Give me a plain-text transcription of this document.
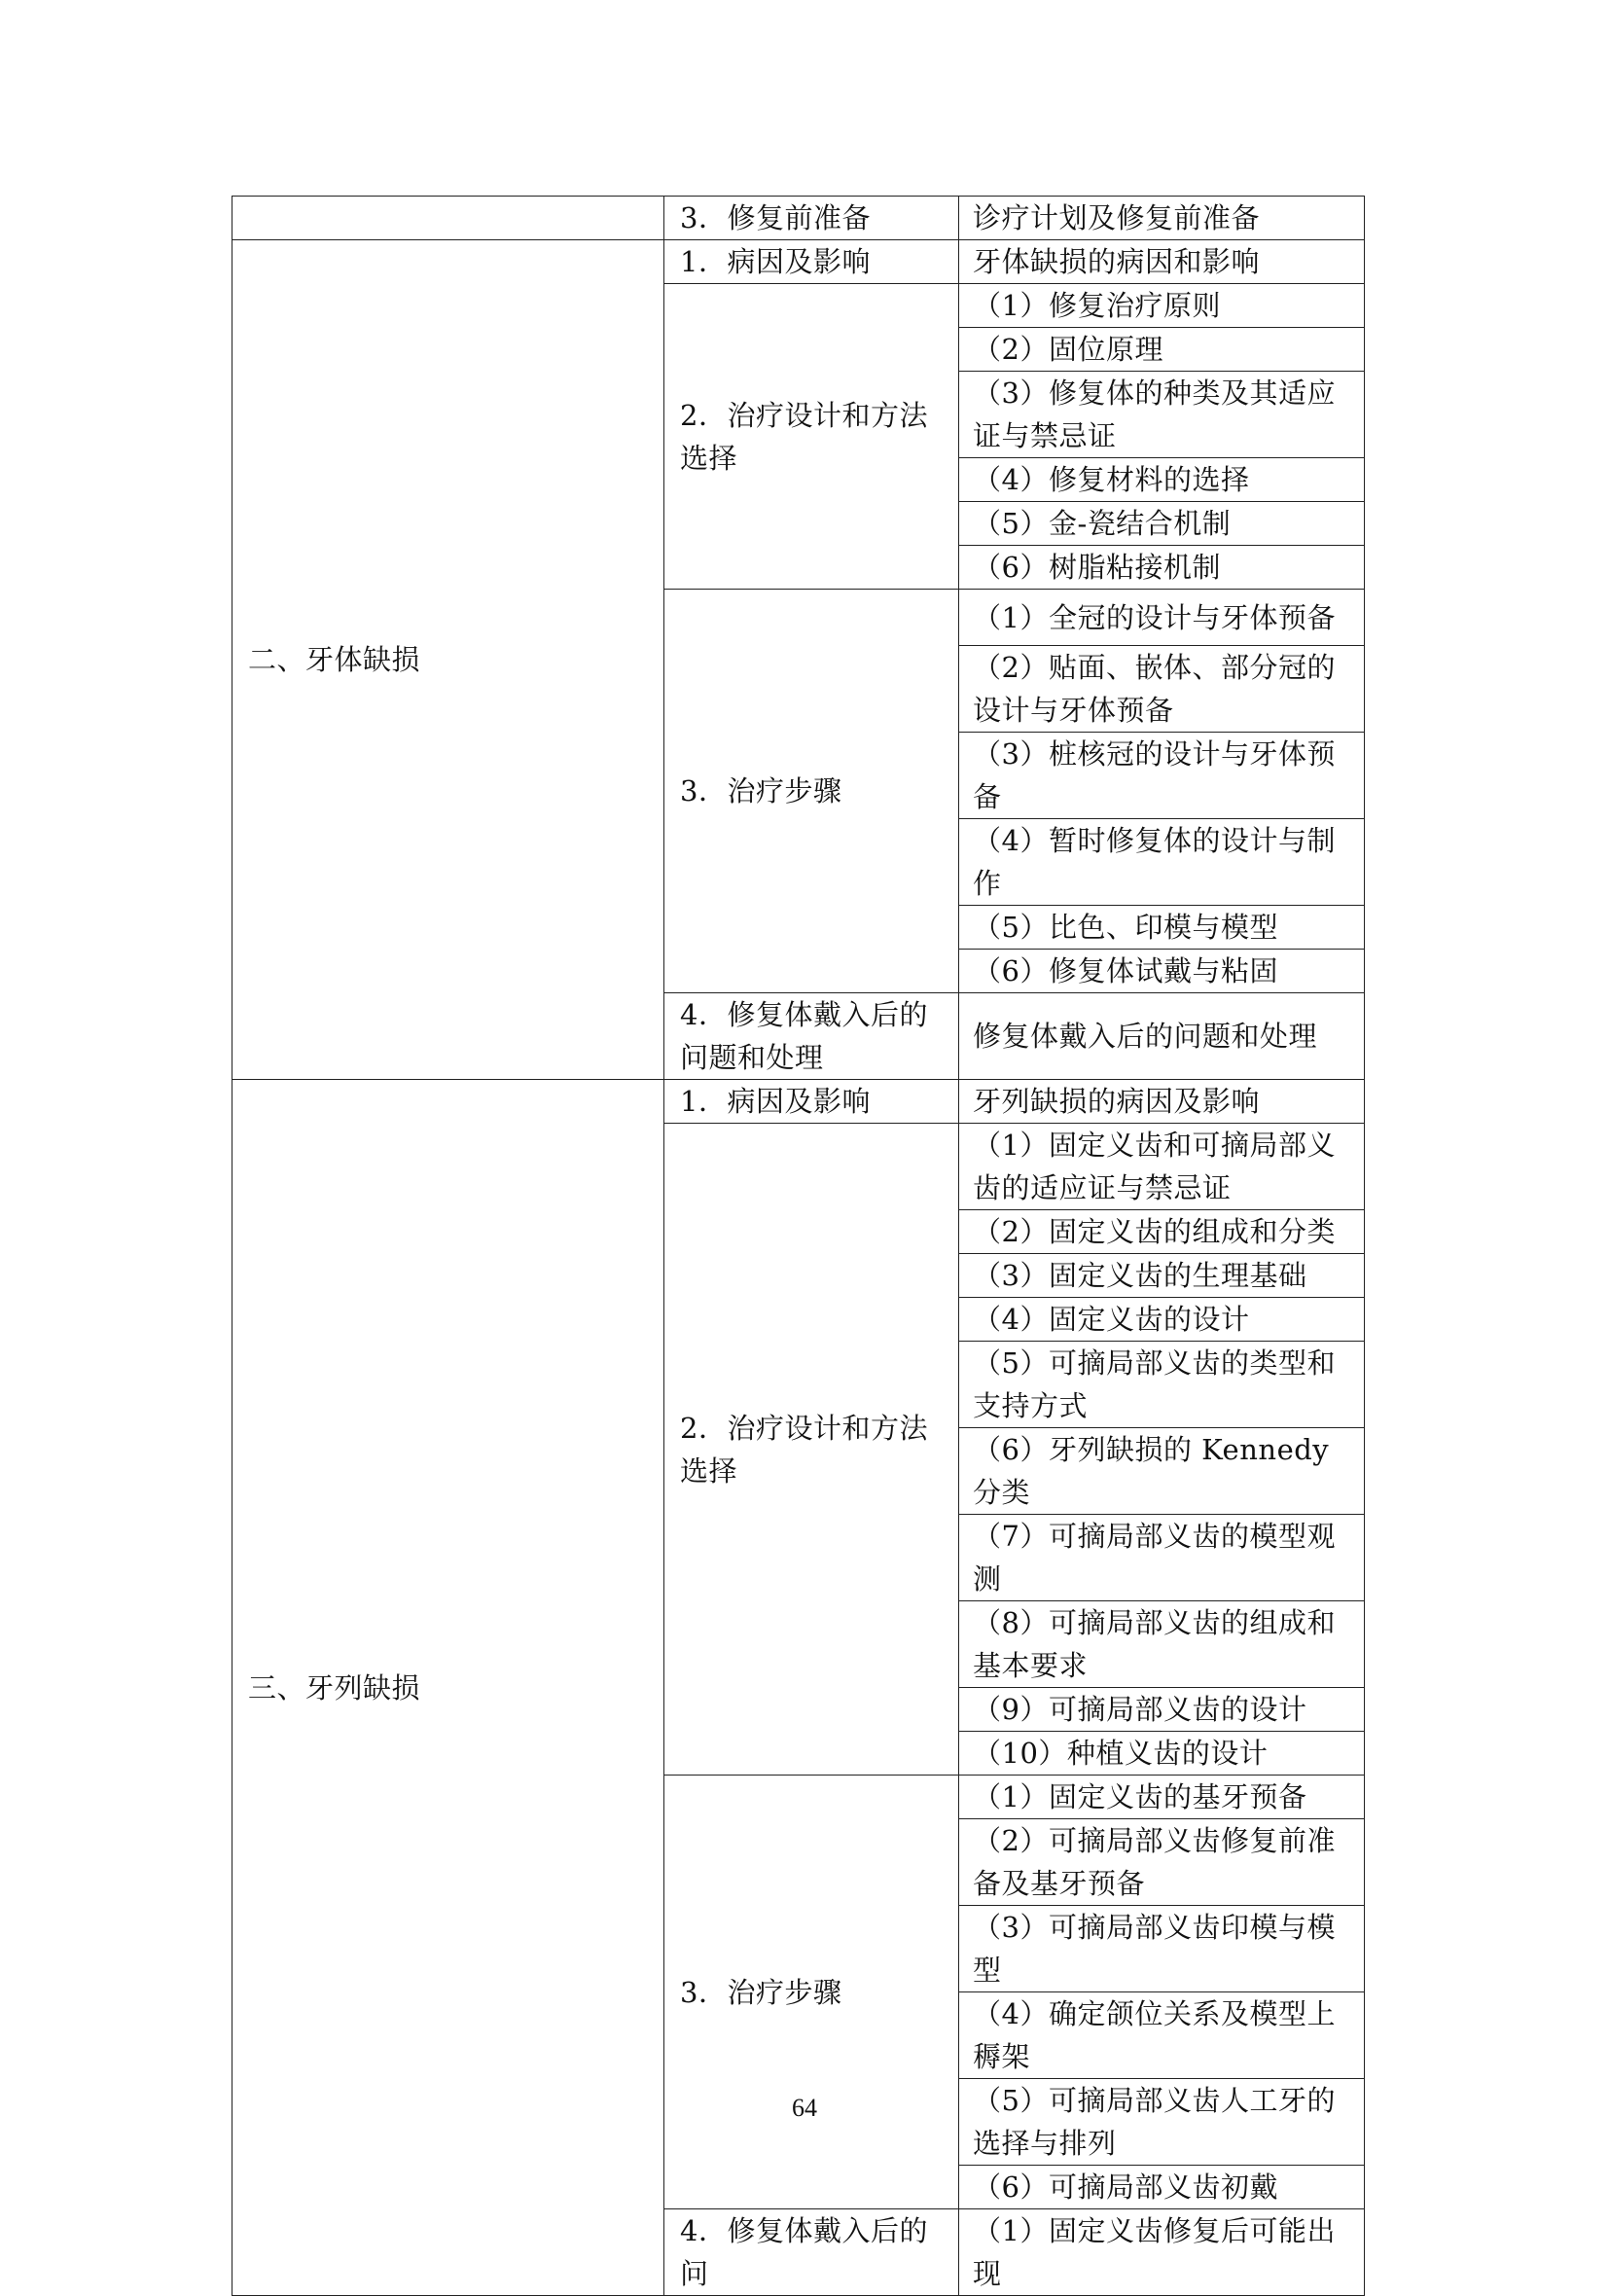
	3．修复前准备	诊疗计划及修复前准备
二、牙体缺损	1．病因及影响	牙体缺损的病因和影响
	2．治疗设计和方法选择	（1）修复治疗原则
		（2）固位原理
		（3）修复体的种类及其适应证与禁忌证
		（4）修复材料的选择
		（5）金-瓷结合机制
		（6）树脂粘接机制
	3．治疗步骤	（1）全冠的设计与牙体预备
		（2）贴面、嵌体、部分冠的设计与牙体预备
		（3）桩核冠的设计与牙体预备
		（4）暂时修复体的设计与制作
		（5）比色、印模与模型
		（6）修复体试戴与粘固
	4．修复体戴入后的问题和处理	修复体戴入后的问题和处理
三、牙列缺损	1．病因及影响	牙列缺损的病因及影响
	2．治疗设计和方法选择	（1）固定义齿和可摘局部义齿的适应证与禁忌证
		（2）固定义齿的组成和分类
		（3）固定义齿的生理基础
		（4）固定义齿的设计
		（5）可摘局部义齿的类型和支持方式
		（6）牙列缺损的 Kennedy 分类
		（7）可摘局部义齿的模型观测
		（8）可摘局部义齿的组成和基本要求
		（9）可摘局部义齿的设计
		（10）种植义齿的设计
	3．治疗步骤	（1）固定义齿的基牙预备
		（2）可摘局部义齿修复前准备及基牙预备
		（3）可摘局部义齿印模与模型
		（4）确定颌位关系及模型上䅶架
		（5）可摘局部义齿人工牙的选择与排列
		（6）可摘局部义齿初戴
	4．修复体戴入后的问	（1）固定义齿修复后可能出现
64
